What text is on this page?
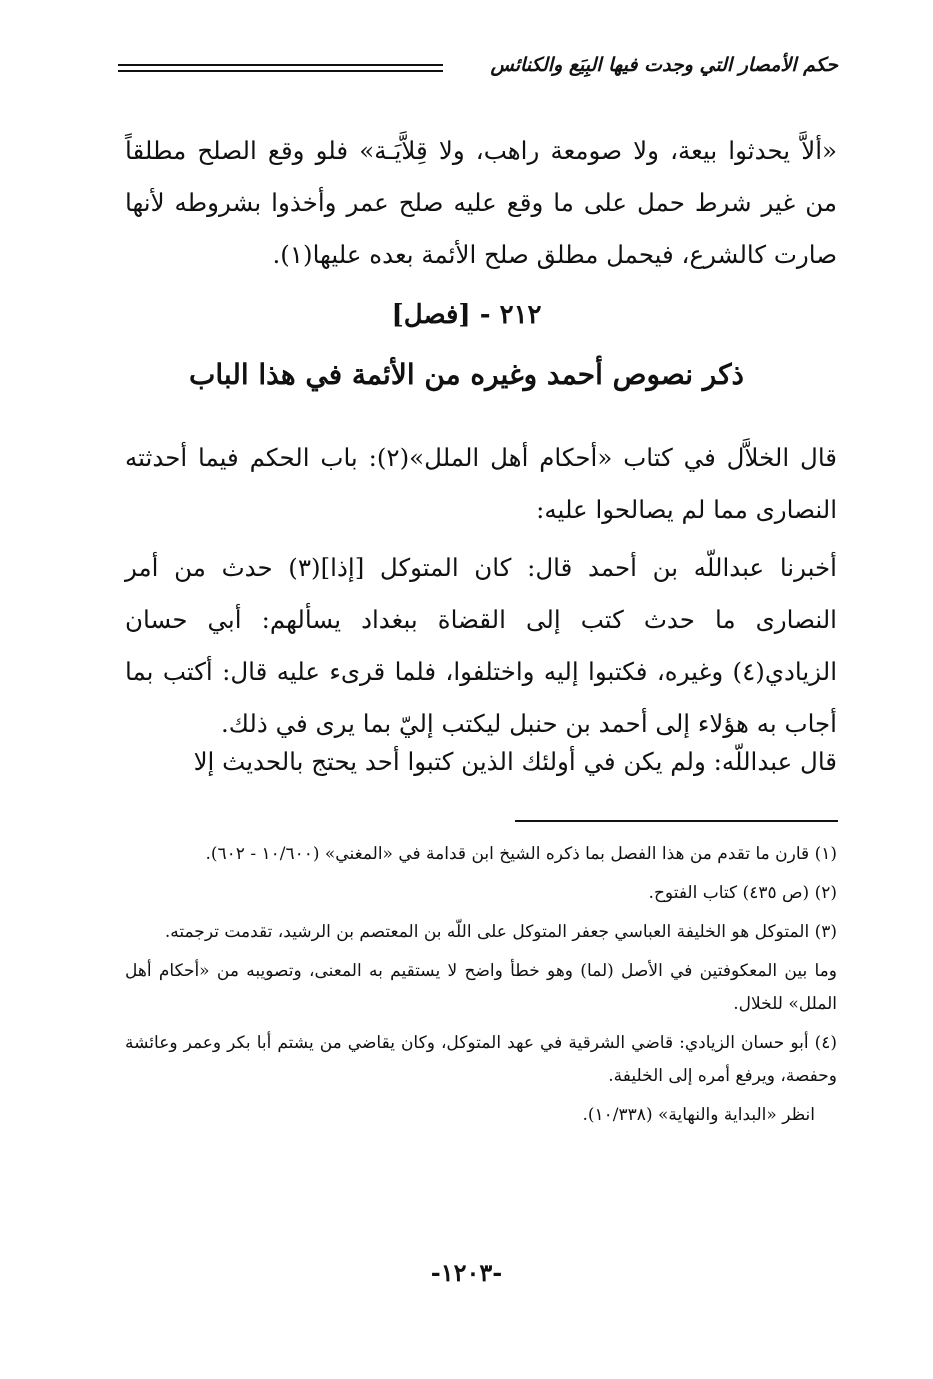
حكم الأمصار التي وجدت فيها البِيَع والكنائس
«ألاَّ يحدثوا بيعة، ولا صومعة راهب، ولا قِلاَّيَـة» فلو وقع الصلح مطلقاً من غير شرط حمل على ما وقع عليه صلح عمر وأخذوا بشروطه لأنها صارت كالشرع، فيحمل مطلق صلح الأئمة بعده عليها(١).
٢١٢ - [فصل]
ذكر نصوص أحمد وغيره من الأئمة في هذا الباب
قال الخلاَّل في كتاب «أحكام أهل الملل»(٢): باب الحكم فيما أحدثته النصارى مما لم يصالحوا عليه:
أخبرنا عبداللّه بن أحمد قال: كان المتوكل [إذا](٣) حدث من أمر النصارى ما حدث كتب إلى القضاة ببغداد يسألهم: أبي حسان الزيادي(٤) وغيره، فكتبوا إليه واختلفوا، فلما قرىء عليه قال: أكتب بما أجاب به هؤلاء إلى أحمد بن حنبل ليكتب إليّ بما يرى في ذلك.
قال عبداللّه: ولم يكن في أولئك الذين كتبوا أحد يحتج بالحديث إلا
(١) قارن ما تقدم من هذا الفصل بما ذكره الشيخ ابن قدامة في «المغني» (١٠/٦٠٠ - ٦٠٢).
(٢) (ص ٤٣٥) كتاب الفتوح.
(٣) المتوكل هو الخليفة العباسي جعفر المتوكل على اللّه بن المعتصم بن الرشيد، تقدمت ترجمته.
وما بين المعكوفتين في الأصل (لما) وهو خطأ واضح لا يستقيم به المعنى، وتصويبه من «أحكام أهل الملل» للخلال.
(٤) أبو حسان الزيادي: قاضي الشرقية في عهد المتوكل، وكان يقاضي من يشتم أبا بكر وعمر وعائشة وحفصة، ويرفع أمره إلى الخليفة.
انظر «البداية والنهاية» (١٠/٣٣٨).
-١٢٠٣-
